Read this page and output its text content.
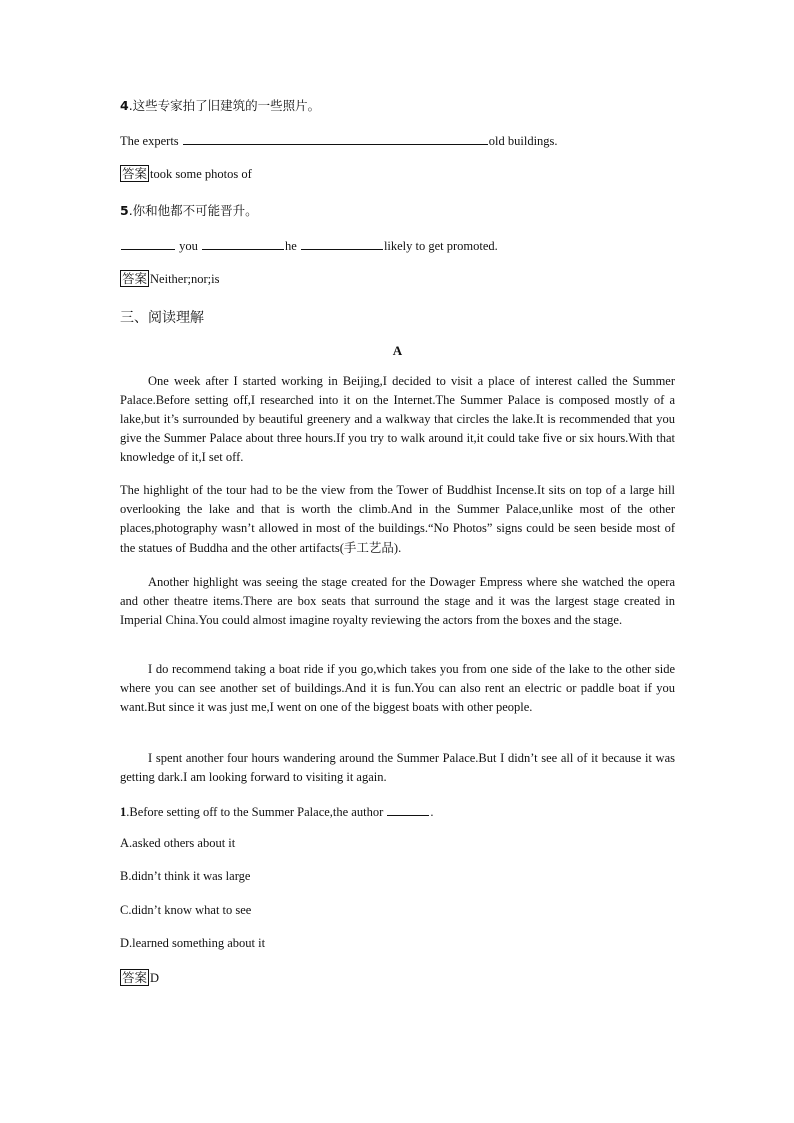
4.这些专家拍了旧建筑的一些照片。
The experts	old buildings.
答案 took some photos of
5.你和他都不可能晋升。
you	he	likely to get promoted.
答案 Neither;nor;is
三、阅读理解
A
One week after I started working in Beijing,I decided to visit a place of interest called the Summer Palace.Before setting off,I researched into it on the Internet.The Summer Palace is composed mostly of a lake,but it’s surrounded by beautiful greenery and a walkway that circles the lake.It is recommended that you give the Summer Palace about three hours.If you try to walk around it,it could take five or six hours.With that knowledge of it,I set off.
The highlight of the tour had to be the view from the Tower of Buddhist Incense.It sits on top of a large hill overlooking the lake and that is worth the climb.And in the Summer Palace,unlike most of the other places,photography wasn’t allowed in most of the buildings.“No Photos” signs could be seen beside most of the statues of Buddha and the other artifacts(手工艺品).
Another highlight was seeing the stage created for the Dowager Empress where she watched the opera and other theatre items.There are box seats that surround the stage and it was the largest stage created in Imperial China.You could almost imagine royalty reviewing the actors from the boxes and the stage.
I do recommend taking a boat ride if you go,which takes you from one side of the lake to the other side where you can see another set of buildings.And it is fun.You can also rent an electric or paddle boat if you want.But since it was just me,I went on one of the biggest boats with other people.
I spent another four hours wandering around the Summer Palace.But I didn’t see all of it because it was getting dark.I am looking forward to visiting it again.
1.Before setting off to the Summer Palace,the author	.
A.asked others about it
B.didn’t think it was large
C.didn’t know what to see
D.learned something about it
答案 D
